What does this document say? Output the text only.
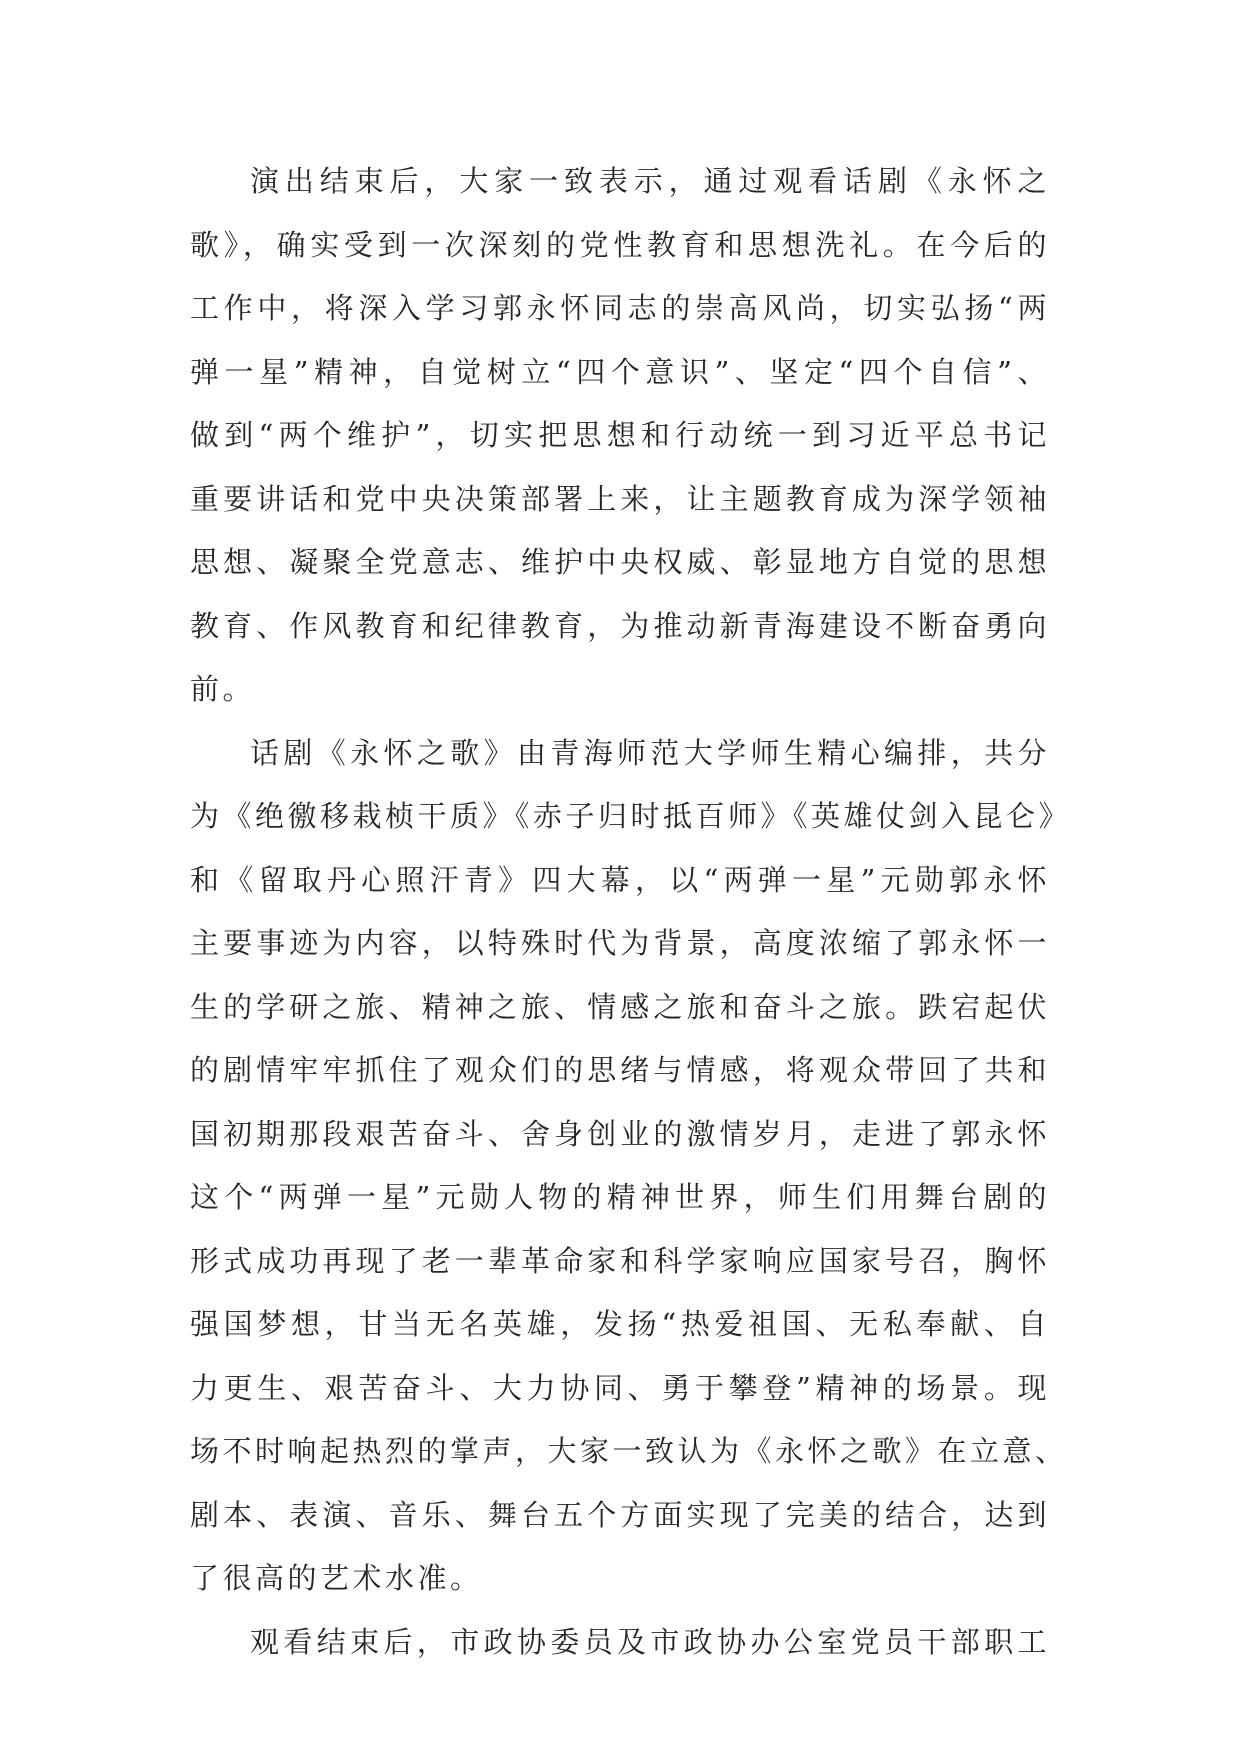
演出结束后，大家一致表示，通过观看话剧《永怀之
歌》，确实受到一次深刻的党性教育和思想洗礼。在今后的
工作中，将深入学习郭永怀同志的崇高风尚，切实弘扬“两
弹一星”精神，自觉树立“四个意识”、坚定“四个自信”、
做到“两个维护”，切实把思想和行动统一到习近平总书记
重要讲话和党中央决策部署上来，让主题教育成为深学领袖
思想、凝聚全党意志、维护中央权威、彰显地方自觉的思想
教育、作风教育和纪律教育，为推动新青海建设不断奋勇向
前。
话剧《永怀之歌》由青海师范大学师生精心编排，共分
为《绝徼移栽桢干质》《赤子归时抵百师》《英雄仗剑入昆仑》
和《留取丹心照汗青》四大幕，以“两弹一星”元勋郭永怀
主要事迹为内容，以特殊时代为背景，高度浓缩了郭永怀一
生的学研之旅、精神之旅、情感之旅和奋斗之旅。跌宕起伏
的剧情牢牢抓住了观众们的思绪与情感，将观众带回了共和
国初期那段艰苦奋斗、舍身创业的激情岁月，走进了郭永怀
这个“两弹一星”元勋人物的精神世界，师生们用舞台剧的
形式成功再现了老一辈革命家和科学家响应国家号召，胸怀
强国梦想，甘当无名英雄，发扬“热爱祖国、无私奉献、自
力更生、艰苦奋斗、大力协同、勇于攀登”精神的场景。现
场不时响起热烈的掌声，大家一致认为《永怀之歌》在立意、
剧本、表演、音乐、舞台五个方面实现了完美的结合，达到
了很高的艺术水准。
观看结束后，市政协委员及市政协办公室党员干部职工
